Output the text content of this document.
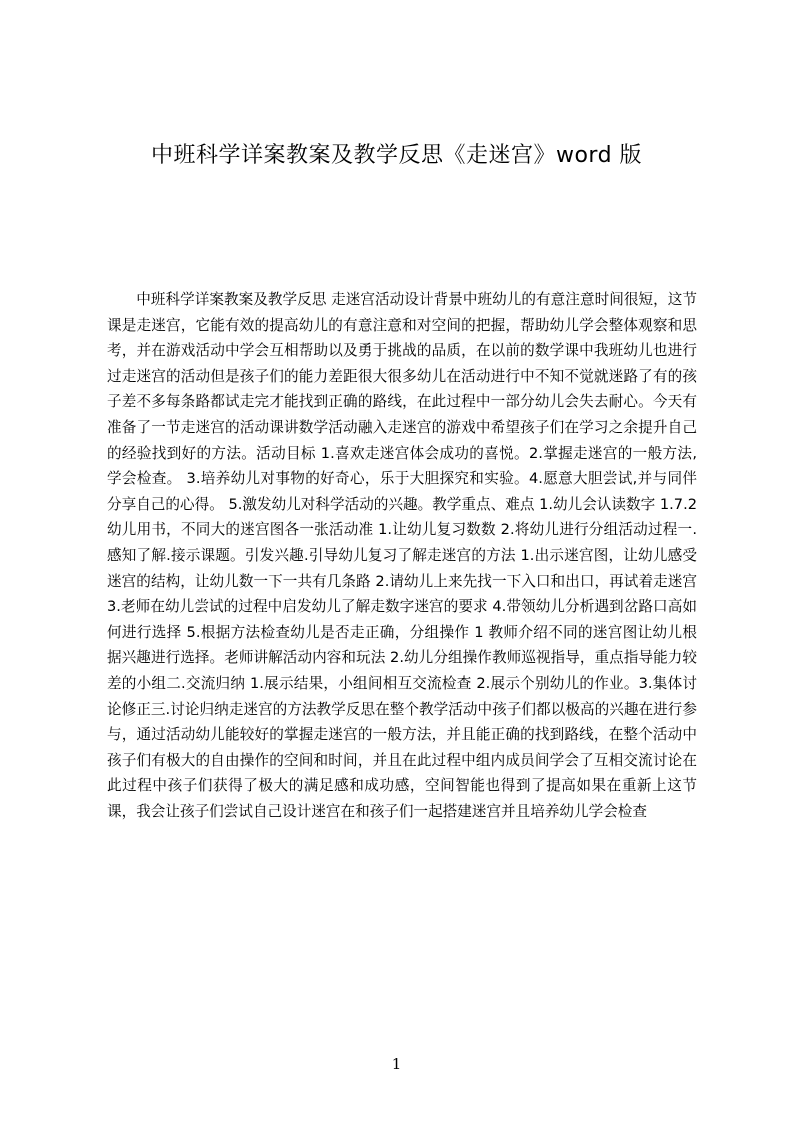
中班科学详案教案及教学反思《走迷宫》word 版

中班科学详案教案及教学反思 走迷宫活动设计背景中班幼儿的有意注意时间很短，这节课是走迷宫，它能有效的提高幼儿的有意注意和对空间的把握，帮助幼儿学会整体观察和思考，并在游戏活动中学会互相帮助以及勇于挑战的品质，在以前的数学课中我班幼儿也进行过走迷宫的活动但是孩子们的能力差距很大很多幼儿在活动进行中不知不觉就迷路了有的孩子差不多每条路都试走完才能找到正确的路线，在此过程中一部分幼儿会失去耐心。今天有准备了一节走迷宫的活动课讲数学活动融入走迷宫的游戏中希望孩子们在学习之余提升自己的经验找到好的方法。活动目标 1.喜欢走迷宫体会成功的喜悦。2.掌握走迷宫的一般方法,学会检查。 3.培养幼儿对事物的好奇心，乐于大胆探究和实验。4.愿意大胆尝试,并与同伴分享自己的心得。 5.激发幼儿对科学活动的兴趣。教学重点、难点 1.幼儿会认读数字 1.7.2 幼儿用书，不同大的迷宫图各一张活动准 1.让幼儿复习数数 2.将幼儿进行分组活动过程一.感知了解.接示课题。引发兴趣.引导幼儿复习了解走迷宫的方法 1.出示迷宫图，让幼儿感受迷宫的结构，让幼儿数一下一共有几条路 2.请幼儿上来先找一下入口和出口，再试着走迷宫 3.老师在幼儿尝试的过程中启发幼儿了解走数字迷宫的要求 4.带领幼儿分析遇到岔路口高如何进行选择 5.根据方法检查幼儿是否走正确，分组操作 1 教师介绍不同的迷宫图让幼儿根据兴趣进行选择。老师讲解活动内容和玩法 2.幼儿分组操作教师巡视指导，重点指导能力较差的小组二.交流归纳 1.展示结果，小组间相互交流检查 2.展示个别幼儿的作业。3.集体讨论修正三.讨论归纳走迷宫的方法教学反思在整个教学活动中孩子们都以极高的兴趣在进行参与，通过活动幼儿能较好的掌握走迷宫的一般方法，并且能正确的找到路线，在整个活动中孩子们有极大的自由操作的空间和时间，并且在此过程中组内成员间学会了互相交流讨论在此过程中孩子们获得了极大的满足感和成功感，空间智能也得到了提高如果在重新上这节课，我会让孩子们尝试自己设计迷宫在和孩子们一起搭建迷宫并且培养幼儿学会检查

1
